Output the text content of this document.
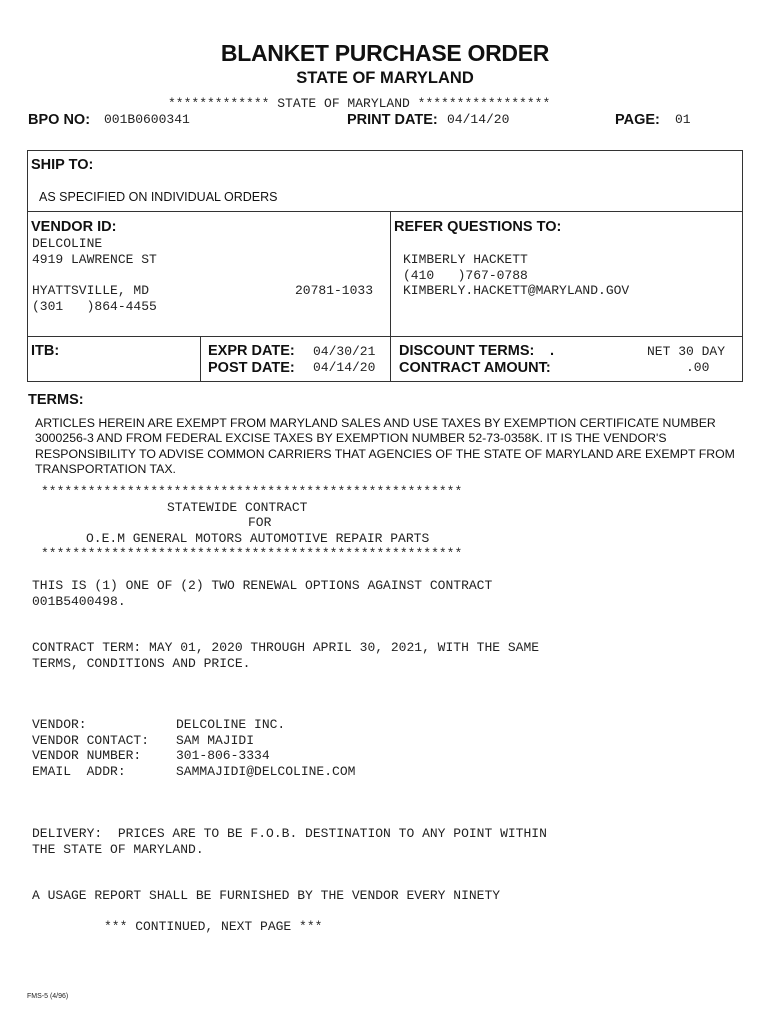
BLANKET PURCHASE ORDER
STATE OF MARYLAND
************* STATE OF MARYLAND *****************
BPO NO: 001B0600341	PRINT DATE: 04/14/20	PAGE: 01
SHIP TO:
AS SPECIFIED ON INDIVIDUAL ORDERS
VENDOR ID:
DELCOLINE
4919 LAWRENCE ST
HYATTSVILLE, MD	20781-1033
(301   )864-4455
REFER QUESTIONS TO:
KIMBERLY HACKETT
(410   )767-0788
KIMBERLY.HACKETT@MARYLAND.GOV
ITB:	EXPR DATE: 04/30/21
POST DATE: 04/14/20
DISCOUNT TERMS: .	NET 30 DAY
CONTRACT AMOUNT:	.00
TERMS:
ARTICLES HEREIN ARE EXEMPT FROM MARYLAND SALES AND USE TAXES BY EXEMPTION CERTIFICATE NUMBER 3000256-3 AND FROM FEDERAL EXCISE TAXES BY EXEMPTION NUMBER 52-73-0358K. IT IS THE VENDOR'S RESPONSIBILITY TO ADVISE COMMON CARRIERS THAT AGENCIES OF THE STATE OF MARYLAND ARE EXEMPT FROM TRANSPORTATION TAX.
******************************************************
STATEWIDE CONTRACT
FOR
O.E.M GENERAL MOTORS AUTOMOTIVE REPAIR PARTS
******************************************************
THIS IS (1) ONE OF (2) TWO RENEWAL OPTIONS AGAINST CONTRACT
001B5400498.
CONTRACT TERM: MAY 01, 2020 THROUGH APRIL 30, 2021, WITH THE SAME
TERMS, CONDITIONS AND PRICE.
VENDOR:	DELCOLINE INC.
VENDOR CONTACT: SAM MAJIDI
VENDOR NUMBER:	301-806-3334
EMAIL  ADDR:	SAMMAJIDI@DELCOLINE.COM
DELIVERY:  PRICES ARE TO BE F.O.B. DESTINATION TO ANY POINT WITHIN
THE STATE OF MARYLAND.
A USAGE REPORT SHALL BE FURNISHED BY THE VENDOR EVERY NINETY
*** CONTINUED, NEXT PAGE ***
FMS-5 (4/96)
